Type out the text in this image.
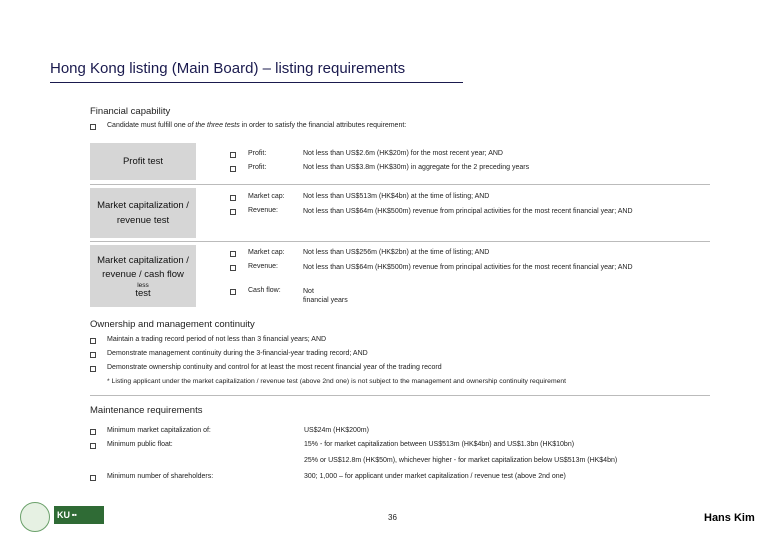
Hong Kong listing (Main Board) – listing requirements
Financial capability
Candidate must fulfill one of the three tests in order to satisfy the financial attributes requirement:
Profit test
Profit:	Not less than US$2.6m (HK$20m) for the most recent year; AND
Profit:	Not less than US$3.8m (HK$30m) in aggregate for the 2 preceding years
Market capitalization / revenue test
Market cap:	Not less than US$513m (HK$4bn) at the time of listing; AND
Revenue:	Not less than US$64m (HK$500m) revenue from principal activities for the most recent financial year; AND
Market capitalization / revenue / cash flow
less
test
Market cap:	Not less than US$256m (HK$2bn) at the time of listing; AND
Revenue:	Not less than US$64m (HK$500m) revenue from principal activities for the most recent financial year; AND
Cash flow:	Not
financial years
Ownership and management continuity
Maintain a trading record period of not less than 3 financial years; AND
Demonstrate management continuity during the 3-financial-year trading record; AND
Demonstrate ownership continuity and control for at least the most recent financial year of the trading record
* Listing applicant under the market capitalization / revenue test (above 2nd one) is not subject to the management and ownership continuity requirement
Maintenance requirements
Minimum market capitalization of:	US$24m (HK$200m)
Minimum public float:	15% - for market capitalization between US$513m (HK$4bn) and US$1.3bn (HK$10bn)
25% or US$12.8m (HK$50m), whichever higher - for market capitalization below US$513m (HK$4bn)
Minimum number of shareholders:	300; 1,000 – for applicant under market capitalization / revenue test (above 2nd one)
KU ■■	36	Hans Kim
